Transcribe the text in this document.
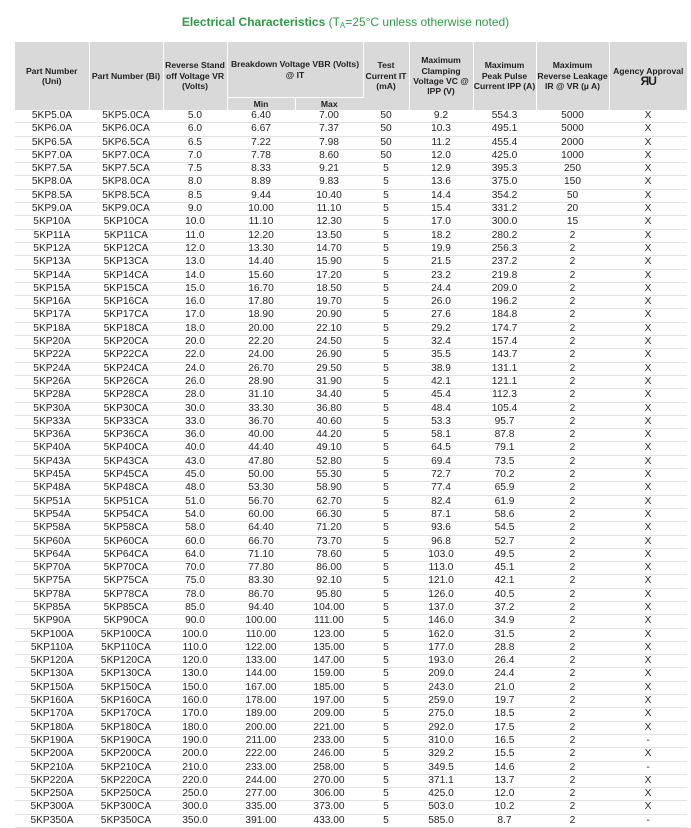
Electrical Characteristics (TA=25°C unless otherwise noted)
Part Number (Uni)	Part Number (Bi)	Reverse Stand off Voltage VR (Volts)	Breakdown Voltage VBR (Volts) @ IT		Test Current IT (mA)	Maximum Clamping Voltage VC @ IPP (V)	Maximum Peak Pulse Current IPP (A)	Maximum Reverse Leakage IR @ VR (µ A)	Agency Approval
ЯU

			Min	Max					
5KP5.0A	5KP5.0CA	5.0	6.40	7.00	50	9.2	554.3	5000	X
5KP6.0A	5KP6.0CA	6.0	6.67	7.37	50	10.3	495.1	5000	X
5KP6.5A	5KP6.5CA	6.5	7.22	7.98	50	11.2	455.4	2000	X
5KP7.0A	5KP7.0CA	7.0	7.78	8.60	50	12.0	425.0	1000	X
5KP7.5A	5KP7.5CA	7.5	8.33	9.21	5	12.9	395.3	250	X
5KP8.0A	5KP8.0CA	8.0	8.89	9.83	5	13.6	375.0	150	X
5KP8.5A	5KP8.5CA	8.5	9.44	10.40	5	14.4	354.2	50	X
5KP9.0A	5KP9.0CA	9.0	10.00	11.10	5	15.4	331.2	20	X
5KP10A	5KP10CA	10.0	11.10	12.30	5	17.0	300.0	15	X
5KP11A	5KP11CA	11.0	12.20	13.50	5	18.2	280.2	2	X
5KP12A	5KP12CA	12.0	13.30	14.70	5	19.9	256.3	2	X
5KP13A	5KP13CA	13.0	14.40	15.90	5	21.5	237.2	2	X
5KP14A	5KP14CA	14.0	15.60	17.20	5	23.2	219.8	2	X
5KP15A	5KP15CA	15.0	16.70	18.50	5	24.4	209.0	2	X
5KP16A	5KP16CA	16.0	17.80	19.70	5	26.0	196.2	2	X
5KP17A	5KP17CA	17.0	18.90	20.90	5	27.6	184.8	2	X
5KP18A	5KP18CA	18.0	20.00	22.10	5	29.2	174.7	2	X
5KP20A	5KP20CA	20.0	22.20	24.50	5	32.4	157.4	2	X
5KP22A	5KP22CA	22.0	24.00	26.90	5	35.5	143.7	2	X
5KP24A	5KP24CA	24.0	26.70	29.50	5	38.9	131.1	2	X
5KP26A	5KP26CA	26.0	28.90	31.90	5	42.1	121.1	2	X
5KP28A	5KP28CA	28.0	31.10	34.40	5	45.4	112.3	2	X
5KP30A	5KP30CA	30.0	33.30	36.80	5	48.4	105.4	2	X
5KP33A	5KP33CA	33.0	36.70	40.60	5	53.3	95.7	2	X
5KP36A	5KP36CA	36.0	40.00	44.20	5	58.1	87.8	2	X
5KP40A	5KP40CA	40.0	44.40	49.10	5	64.5	79.1	2	X
5KP43A	5KP43CA	43.0	47.80	52.80	5	69.4	73.5	2	X
5KP45A	5KP45CA	45.0	50.00	55.30	5	72.7	70.2	2	X
5KP48A	5KP48CA	48.0	53.30	58.90	5	77.4	65.9	2	X
5KP51A	5KP51CA	51.0	56.70	62.70	5	82.4	61.9	2	X
5KP54A	5KP54CA	54.0	60.00	66.30	5	87.1	58.6	2	X
5KP58A	5KP58CA	58.0	64.40	71.20	5	93.6	54.5	2	X
5KP60A	5KP60CA	60.0	66.70	73.70	5	96.8	52.7	2	X
5KP64A	5KP64CA	64.0	71.10	78.60	5	103.0	49.5	2	X
5KP70A	5KP70CA	70.0	77.80	86.00	5	113.0	45.1	2	X
5KP75A	5KP75CA	75.0	83.30	92.10	5	121.0	42.1	2	X
5KP78A	5KP78CA	78.0	86.70	95.80	5	126.0	40.5	2	X
5KP85A	5KP85CA	85.0	94.40	104.00	5	137.0	37.2	2	X
5KP90A	5KP90CA	90.0	100.00	111.00	5	146.0	34.9	2	X
5KP100A	5KP100CA	100.0	110.00	123.00	5	162.0	31.5	2	X
5KP110A	5KP110CA	110.0	122.00	135.00	5	177.0	28.8	2	X
5KP120A	5KP120CA	120.0	133.00	147.00	5	193.0	26.4	2	X
5KP130A	5KP130CA	130.0	144.00	159.00	5	209.0	24.4	2	X
5KP150A	5KP150CA	150.0	167.00	185.00	5	243.0	21.0	2	X
5KP160A	5KP160CA	160.0	178.00	197.00	5	259.0	19.7	2	X
5KP170A	5KP170CA	170.0	189.00	209.00	5	275.0	18.5	2	X
5KP180A	5KP180CA	180.0	200.00	221.00	5	292.0	17.5	2	X
5KP190A	5KP190CA	190.0	211.00	233.00	5	310.0	16.5	2	-
5KP200A	5KP200CA	200.0	222.00	246.00	5	329.2	15.5	2	X
5KP210A	5KP210CA	210.0	233.00	258.00	5	349.5	14.6	2	-
5KP220A	5KP220CA	220.0	244.00	270.00	5	371.1	13.7	2	X
5KP250A	5KP250CA	250.0	277.00	306.00	5	425.0	12.0	2	X
5KP300A	5KP300CA	300.0	335.00	373.00	5	503.0	10.2	2	X
5KP350A	5KP350CA	350.0	391.00	433.00	5	585.0	8.7	2	-
